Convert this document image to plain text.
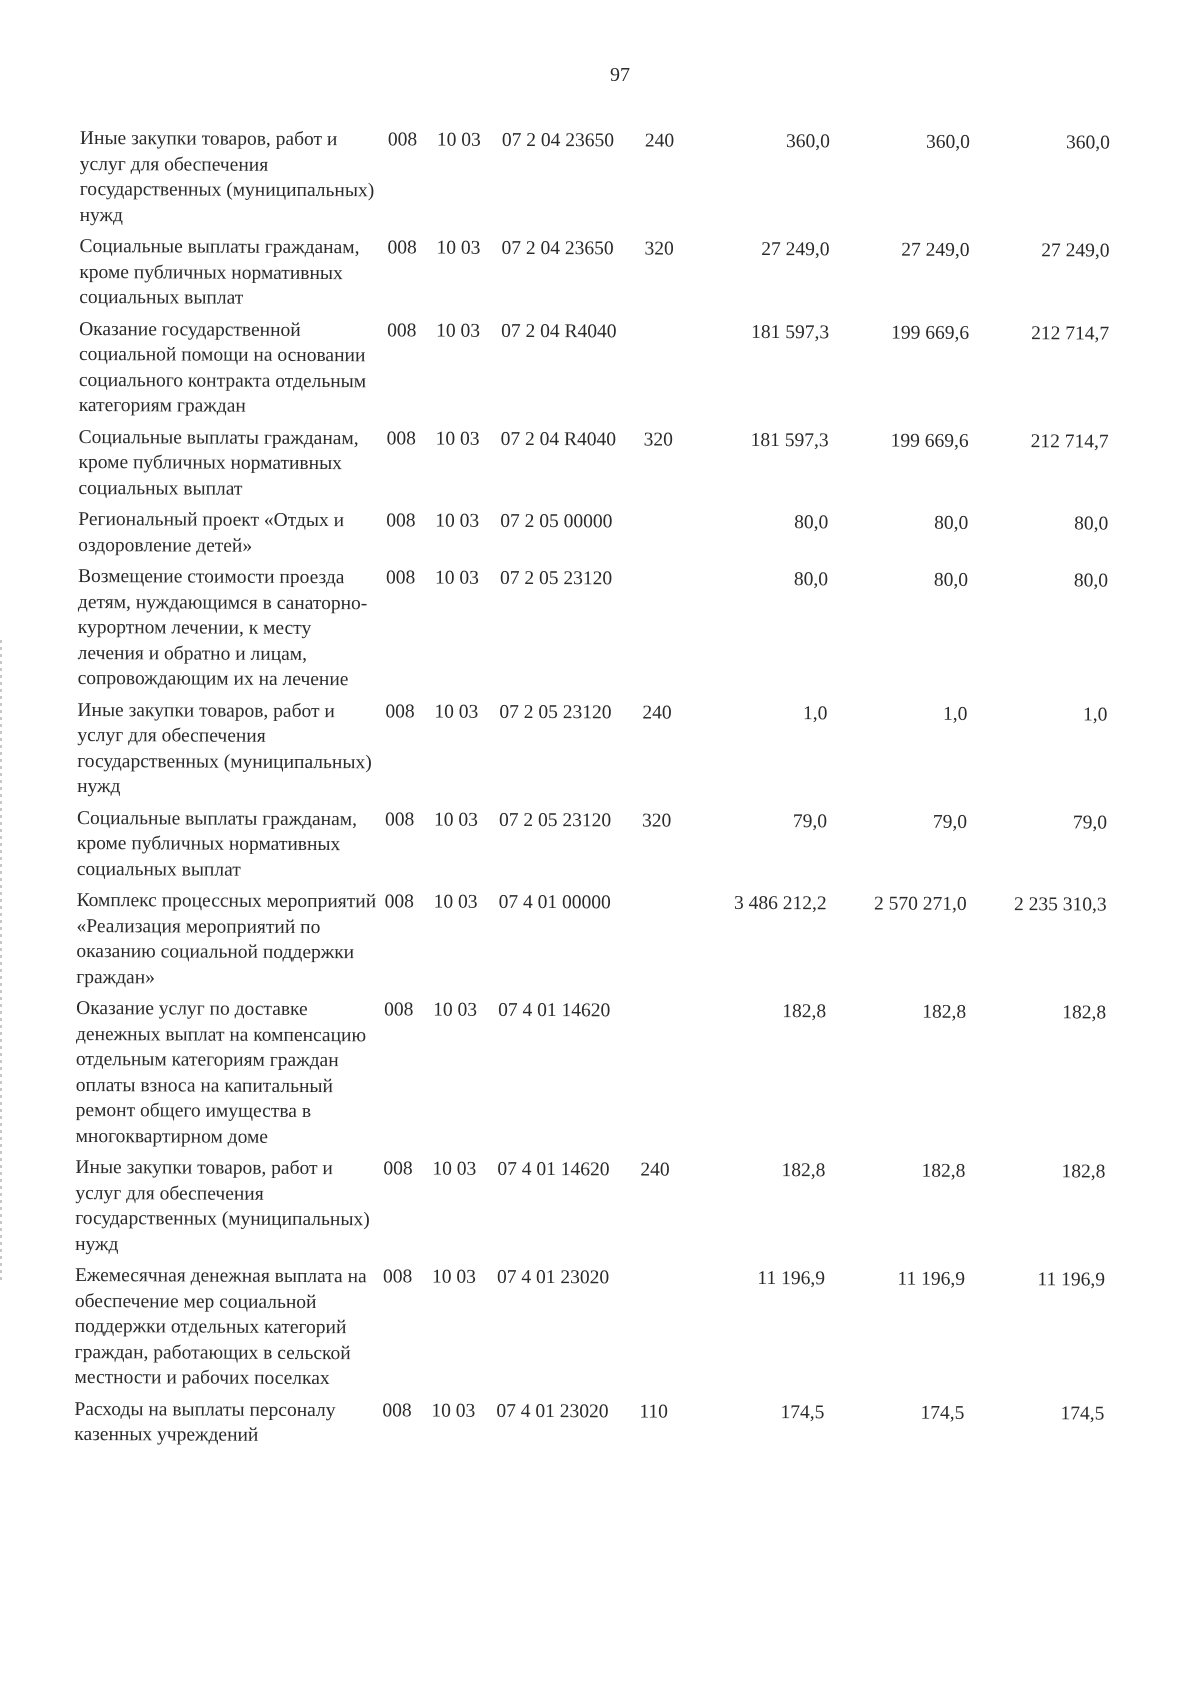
97
Иные закупки товаров, работ и услуг для обеспечения государственных (муниципальных) нужд
008	10 03	07 2 04 23650	240	360,0	360,0	360,0
Социальные выплаты гражданам, кроме публичных нормативных социальных выплат
008	10 03	07 2 04 23650	320	27 249,0	27 249,0	27 249,0
Оказание государственной социальной помощи на основании социального контракта отдельным категориям граждан
008	10 03	07 2 04 R4040	181 597,3	199 669,6	212 714,7
Социальные выплаты гражданам, кроме публичных нормативных социальных выплат
008	10 03	07 2 04 R4040	320	181 597,3	199 669,6	212 714,7
Региональный проект «Отдых и оздоровление детей»
008	10 03	07 2 05 00000	80,0	80,0	80,0
Возмещение стоимости проезда детям, нуждающимся в санаторно-курортном лечении, к месту лечения и обратно и лицам, сопровождающим их на лечение
008	10 03	07 2 05 23120	80,0	80,0	80,0
Иные закупки товаров, работ и услуг для обеспечения государственных (муниципальных) нужд
008	10 03	07 2 05 23120	240	1,0	1,0	1,0
Социальные выплаты гражданам, кроме публичных нормативных социальных выплат
008	10 03	07 2 05 23120	320	79,0	79,0	79,0
Комплекс процессных мероприятий «Реализация мероприятий по оказанию социальной поддержки граждан»
008	10 03	07 4 01 00000	3 486 212,2	2 570 271,0	2 235 310,3
Оказание услуг по доставке денежных выплат на компенсацию отдельным категориям граждан оплаты взноса на капитальный ремонт общего имущества в многоквартирном доме
008	10 03	07 4 01 14620	182,8	182,8	182,8
Иные закупки товаров, работ и услуг для обеспечения государственных (муниципальных) нужд
008	10 03	07 4 01 14620	240	182,8	182,8	182,8
Ежемесячная денежная выплата на обеспечение мер социальной поддержки отдельных категорий граждан, работающих в сельской местности и рабочих поселках
008	10 03	07 4 01 23020	11 196,9	11 196,9	11 196,9
Расходы на выплаты персоналу казенных учреждений
008	10 03	07 4 01 23020	110	174,5	174,5	174,5
